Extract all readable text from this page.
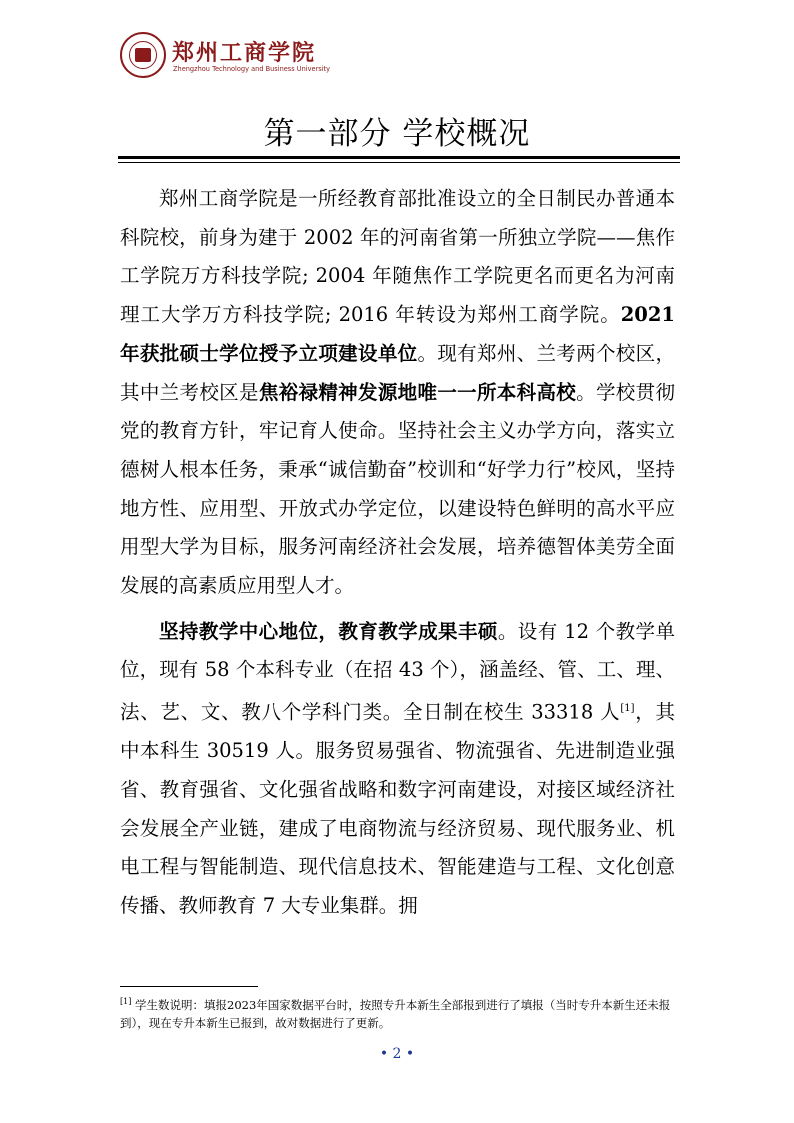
郑州工商学院
Zhengzhou Technology and Business University
第一部分 学校概况

郑州工商学院是一所经教育部批准设立的全日制民办普通本科院校，前身为建于 2002 年的河南省第一所独立学院——焦作工学院万方科技学院; 2004 年随焦作工学院更名而更名为河南理工大学万方科技学院; 2016 年转设为郑州工商学院。2021 年获批硕士学位授予立项建设单位。现有郑州、兰考两个校区，其中兰考校区是焦裕禄精神发源地唯一一所本科高校。学校贯彻党的教育方针，牢记育人使命。坚持社会主义办学方向，落实立德树人根本任务，秉承“诚信勤奋”校训和“好学力行”校风，坚持地方性、应用型、开放式办学定位，以建设特色鲜明的高水平应用型大学为目标，服务河南经济社会发展，培养德智体美劳全面发展的高素质应用型人才。

坚持教学中心地位，教育教学成果丰硕。设有 12 个教学单位，现有 58 个本科专业（在招 43 个），涵盖经、管、工、理、法、艺、文、教八个学科门类。全日制在校生 33318 人[1]，其中本科生 30519 人。服务贸易强省、物流强省、先进制造业强省、教育强省、文化强省战略和数字河南建设，对接区域经济社会发展全产业链，建成了电商物流与经济贸易、现代服务业、机电工程与智能制造、现代信息技术、智能建造与工程、文化创意传播、教师教育 7 大专业集群。拥

[1] 学生数说明：填报2023年国家数据平台时，按照专升本新生全部报到进行了填报（当时专升本新生还未报到），现在专升本新生已报到，故对数据进行了更新。
• 2 •
